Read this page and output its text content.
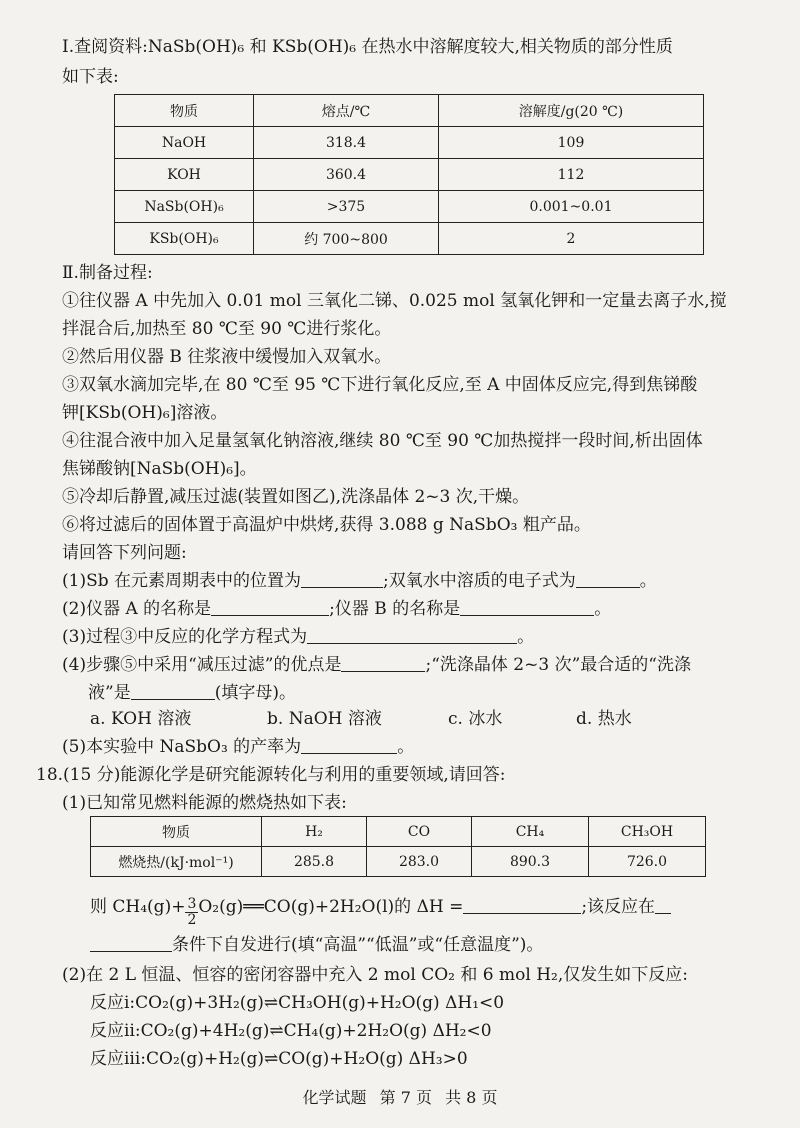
Ⅰ.查阅资料:NaSb(OH)₆ 和 KSb(OH)₆ 在热水中溶解度较大,相关物质的部分性质
如下表:
物质	熔点/℃	溶解度/g(20 ℃)
NaOH	318.4	109
KOH	360.4	112
NaSb(OH)₆	>375	0.001~0.01
KSb(OH)₆	约 700~800	2
Ⅱ.制备过程:
①往仪器 A 中先加入 0.01 mol 三氧化二锑、0.025 mol 氢氧化钾和一定量去离子水,搅
拌混合后,加热至 80 ℃至 90 ℃进行浆化。
②然后用仪器 B 往浆液中缓慢加入双氧水。
③双氧水滴加完毕,在 80 ℃至 95 ℃下进行氧化反应,至 A 中固体反应完,得到焦锑酸
钾[KSb(OH)₆]溶液。
④往混合液中加入足量氢氧化钠溶液,继续 80 ℃至 90 ℃加热搅拌一段时间,析出固体
焦锑酸钠[NaSb(OH)₆]。
⑤冷却后静置,减压过滤(装置如图乙),洗涤晶体 2~3 次,干燥。
⑥将过滤后的固体置于高温炉中烘烤,获得 3.088 g NaSbO₃ 粗产品。
请回答下列问题:
(1)Sb 在元素周期表中的位置为	;双氧水中溶质的电子式为	。
(2)仪器 A 的名称是	;仪器 B 的名称是	。
(3)过程③中反应的化学方程式为	。
(4)步骤⑤中采用“减压过滤”的优点是	;“洗涤晶体 2~3 次”最合适的“洗涤
液”是	(填字母)。
a. KOH 溶液	b. NaOH 溶液	c. 冰水	d. 热水
(5)本实验中 NaSbO₃ 的产率为	。
18.(15 分)能源化学是研究能源转化与利用的重要领域,请回答:
(1)已知常见燃料能源的燃烧热如下表:
物质	H₂	CO	CH₄	CH₃OH
燃烧热/(kJ·mol⁻¹)	285.8	283.0	890.3	726.0
则 $CH_4(g)+ \frac{3}{2}$ O₂(g)══CO(g)+2H₂O(l)的 ΔH =	;该反应在
条件下自发进行(填“高温”“低温”或“任意温度”)。
(2)在 2 L 恒温、恒容的密闭容器中充入 2 mol CO₂ 和 6 mol H₂,仅发生如下反应:
反应ⅰ:CO₂(g)+3H₂(g)⇌CH₃OH(g)+H₂O(g) ΔH₁<0
反应ⅱ:CO₂(g)+4H₂(g)⇌CH₄(g)+2H₂O(g) ΔH₂<0
反应ⅲ:CO₂(g)+H₂(g)⇌CO(g)+H₂O(g) ΔH₃>0
化学试题 第 7 页 共 8 页
